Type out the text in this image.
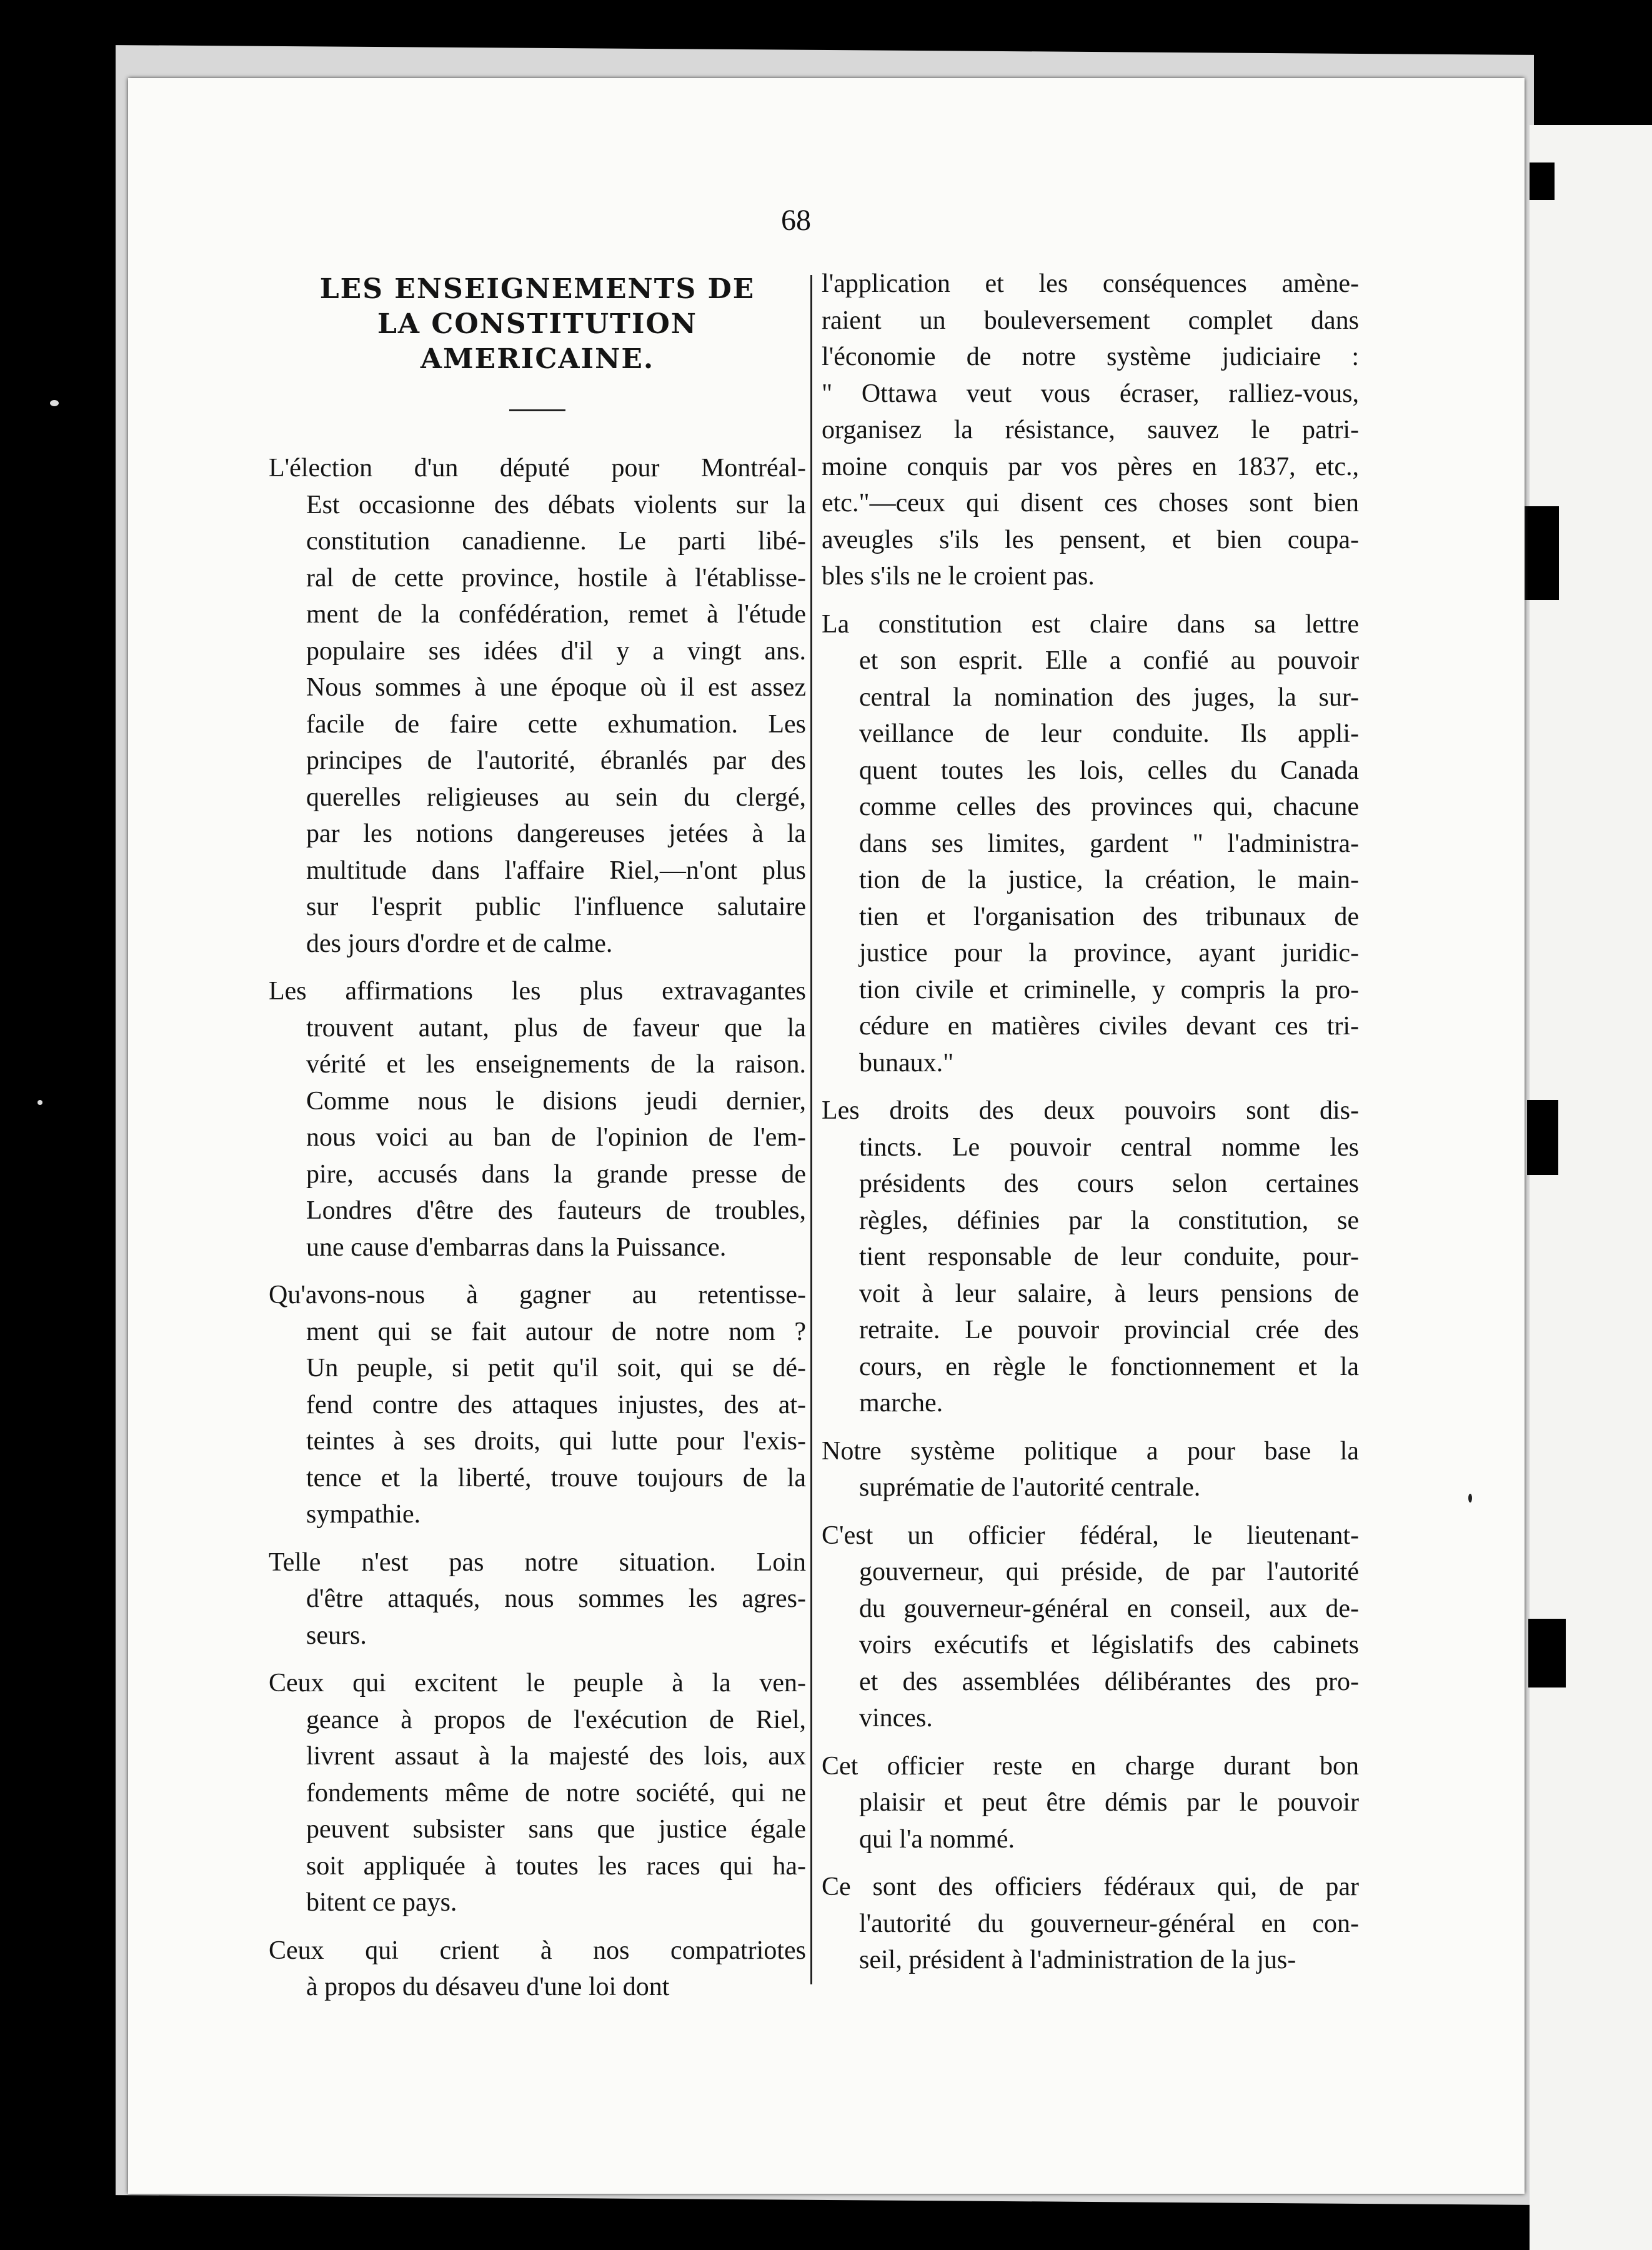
68
LES ENSEIGNEMENTS DE
LA CONSTITUTION
AMERICAINE.

L'élection d'un député pour Montréal-
Est occasionne des débats violents sur la
constitution canadienne. Le parti libé-
ral de cette province, hostile à l'établisse-
ment de la confédération, remet à l'étude
populaire ses idées d'il y a vingt ans.
Nous sommes à une époque où il est assez
facile de faire cette exhumation. Les
principes de l'autorité, ébranlés par des
querelles religieuses au sein du clergé,
par les notions dangereuses jetées à la
multitude dans l'affaire Riel,—n'ont plus
sur l'esprit public l'influence salutaire
des jours d'ordre et de calme.

Les affirmations les plus extravagantes
trouvent autant, plus de faveur que la
vérité et les enseignements de la raison.
Comme nous le disions jeudi dernier,
nous voici au ban de l'opinion de l'em-
pire, accusés dans la grande presse de
Londres d'être des fauteurs de troubles,
une cause d'embarras dans la Puissance.

Qu'avons-nous à gagner au retentisse-
ment qui se fait autour de notre nom ?
Un peuple, si petit qu'il soit, qui se dé-
fend contre des attaques injustes, des at-
teintes à ses droits, qui lutte pour l'exis-
tence et la liberté, trouve toujours de la
sympathie.

Telle n'est pas notre situation. Loin
d'être attaqués, nous sommes les agres-
seurs.

Ceux qui excitent le peuple à la ven-
geance à propos de l'exécution de Riel,
livrent assaut à la majesté des lois, aux
fondements même de notre société, qui ne
peuvent subsister sans que justice égale
soit appliquée à toutes les races qui ha-
bitent ce pays.

Ceux qui crient à nos compatriotes
à propos du désaveu d'une loi dont

l'application et les conséquences amène-
raient un bouleversement complet dans
l'économie de notre système judiciaire :
" Ottawa veut vous écraser, ralliez-vous,
organisez la résistance, sauvez le patri-
moine conquis par vos pères en 1837, etc.,
etc."—ceux qui disent ces choses sont bien
aveugles s'ils les pensent, et bien coupa-
bles s'ils ne le croient pas.

La constitution est claire dans sa lettre
et son esprit. Elle a confié au pouvoir
central la nomination des juges, la sur-
veillance de leur conduite. Ils appli-
quent toutes les lois, celles du Canada
comme celles des provinces qui, chacune
dans ses limites, gardent " l'administra-
tion de la justice, la création, le main-
tien et l'organisation des tribunaux de
justice pour la province, ayant juridic-
tion civile et criminelle, y compris la pro-
cédure en matières civiles devant ces tri-
bunaux."

Les droits des deux pouvoirs sont dis-
tincts. Le pouvoir central nomme les
présidents des cours selon certaines
règles, définies par la constitution, se
tient responsable de leur conduite, pour-
voit à leur salaire, à leurs pensions de
retraite. Le pouvoir provincial crée des
cours, en règle le fonctionnement et la
marche.

Notre système politique a pour base la
suprématie de l'autorité centrale.

C'est un officier fédéral, le lieutenant-
gouverneur, qui préside, de par l'autorité
du gouverneur-général en conseil, aux de-
voirs exécutifs et législatifs des cabinets
et des assemblées délibérantes des pro-
vinces.

Cet officier reste en charge durant bon
plaisir et peut être démis par le pouvoir
qui l'a nommé.

Ce sont des officiers fédéraux qui, de par
l'autorité du gouverneur-général en con-
seil, président à l'administration de la jus-
